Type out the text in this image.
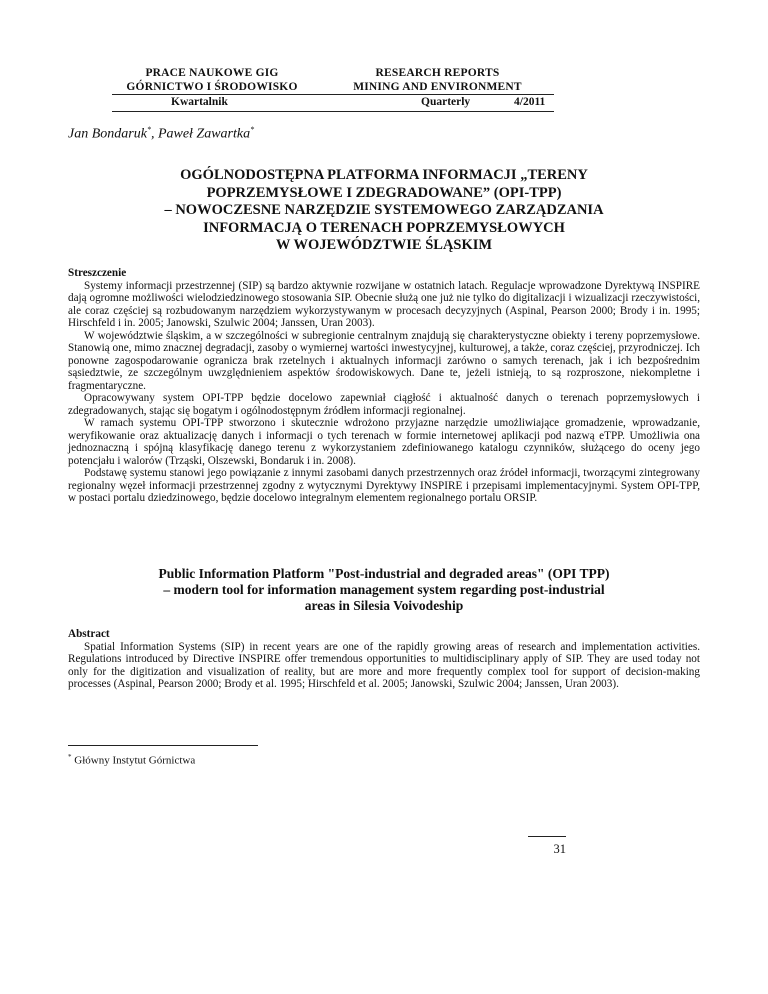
PRACE NAUKOWE GIG
GÓRNICTWO I ŚRODOWISKO
RESEARCH REPORTS
MINING AND ENVIRONMENT
Kwartalnik	Quarterly	4/2011
Jan Bondaruk*, Paweł Zawartka*
OGÓLNODOSTĘPNA PLATFORMA INFORMACJI „TERENY
POPRZEMYSŁOWE I ZDEGRADOWANE” (OPI-TPP)
– NOWOCZESNE NARZĘDZIE SYSTEMOWEGO ZARZĄDZANIA
INFORMACJĄ O TERENACH POPRZEMYSŁOWYCH
W WOJEWÓDZTWIE ŚLĄSKIM
Streszczenie

Systemy informacji przestrzennej (SIP) są bardzo aktywnie rozwijane w ostatnich latach. Regulacje wprowadzone Dyrektywą INSPIRE dają ogromne możliwości wielodziedzinowego stosowania SIP. Obecnie służą one już nie tylko do digitalizacji i wizualizacji rzeczywistości, ale coraz częściej są rozbudowanym narzędziem wykorzystywanym w procesach decyzyjnych (Aspinal, Pearson 2000; Brody i in. 1995; Hirschfeld i in. 2005; Janowski, Szulwic 2004; Janssen, Uran 2003).

W województwie śląskim, a w szczególności w subregionie centralnym znajdują się charakterystyczne obiekty i tereny poprzemysłowe. Stanowią one, mimo znacznej degradacji, zasoby o wymiernej wartości inwestycyjnej, kulturowej, a także, coraz częściej, przyrodniczej. Ich ponowne zagospodarowanie ogranicza brak rzetelnych i aktualnych informacji zarówno o samych terenach, jak i ich bezpośrednim sąsiedztwie, ze szczególnym uwzględnieniem aspektów środowiskowych. Dane te, jeżeli istnieją, to są rozproszone, niekompletne i fragmentaryczne.

Opracowywany system OPI-TPP będzie docelowo zapewniał ciągłość i aktualność danych o terenach poprzemysłowych i zdegradowanych, stając się bogatym i ogólnodostępnym źródłem informacji regionalnej.

W ramach systemu OPI-TPP stworzono i skutecznie wdrożono przyjazne narzędzie umożliwiające gromadzenie, wprowadzanie, weryfikowanie oraz aktualizację danych i informacji o tych terenach w formie internetowej aplikacji pod nazwą eTPP. Umożliwia ona jednoznaczną i spójną klasyfikację danego terenu z wykorzystaniem zdefiniowanego katalogu czynników, służącego do oceny jego potencjału i walorów (Trząski, Olszewski, Bondaruk i in. 2008).

Podstawę systemu stanowi jego powiązanie z innymi zasobami danych przestrzennych oraz źródeł informacji, tworzącymi zintegrowany regionalny węzeł informacji przestrzennej zgodny z wytycznymi Dyrektywy INSPIRE i przepisami implementacyjnymi. System OPI-TPP, w postaci portalu dziedzinowego, będzie docelowo integralnym elementem regionalnego portalu ORSIP.

Public Information Platform "Post-industrial and degraded areas" (OPI TPP)
– modern tool for information management system regarding post-industrial
areas in Silesia Voivodeship
Abstract

Spatial Information Systems (SIP) in recent years are one of the rapidly growing areas of research and implementation activities. Regulations introduced by Directive INSPIRE offer tremendous opportunities to multidisciplinary apply of SIP. They are used today not only for the digitization and visualization of reality, but are more and more frequently complex tool for support of decision-making processes (Aspinal, Pearson 2000; Brody et al. 1995; Hirschfeld et al. 2005; Janowski, Szulwic 2004; Janssen, Uran 2003).

* Główny Instytut Górnictwa
31
